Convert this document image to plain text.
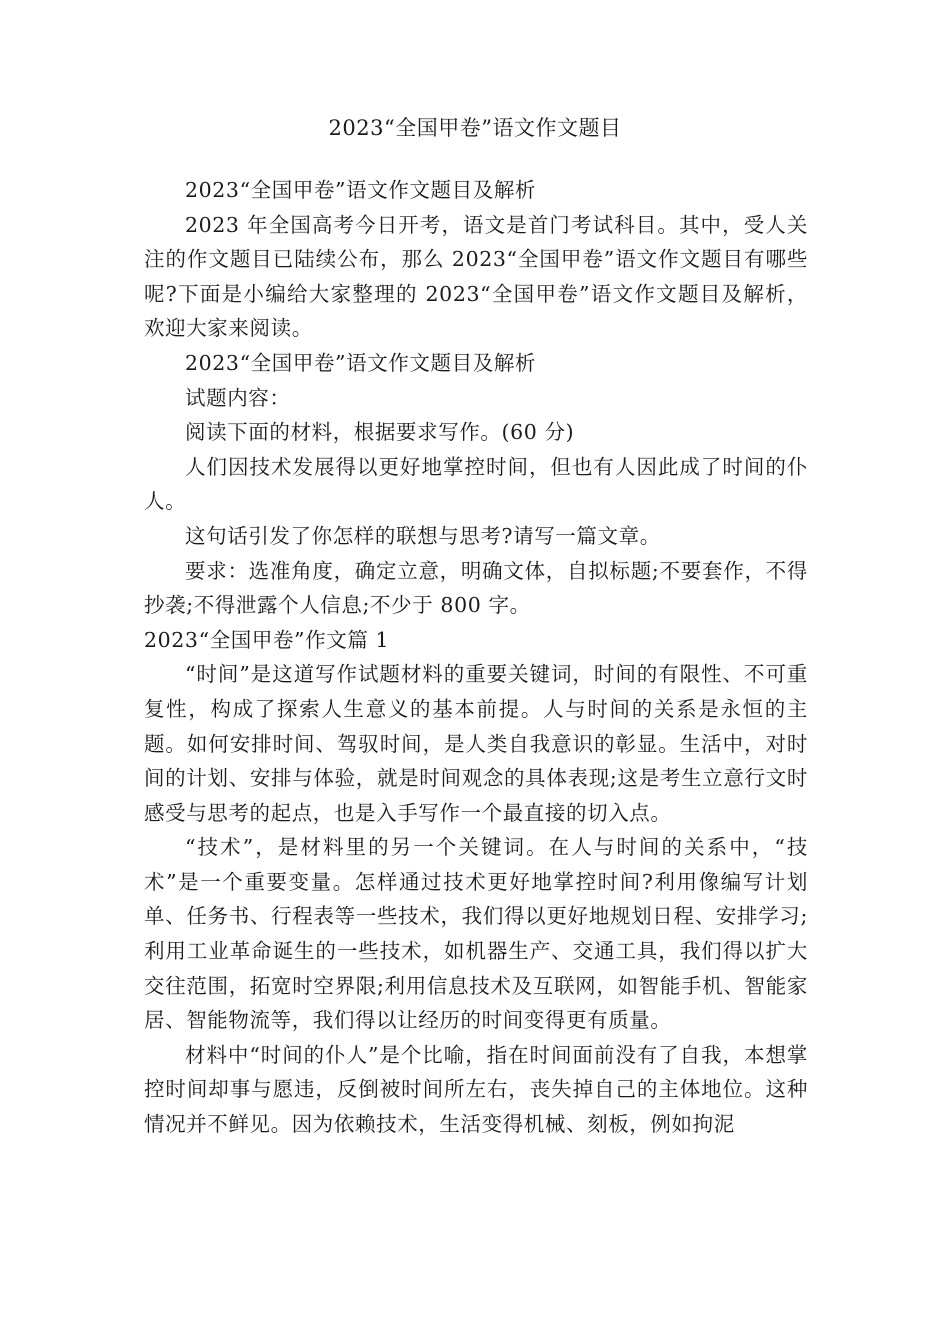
2023“全国甲卷”语文作文题目

2023“全国甲卷”语文作文题目及解析

2023 年全国高考今日开考，语文是首门考试科目。其中，受人关注的作文题目已陆续公布，那么 2023“全国甲卷”语文作文题目有哪些呢?下面是小编给大家整理的 2023“全国甲卷”语文作文题目及解析，欢迎大家来阅读。

2023“全国甲卷”语文作文题目及解析

试题内容：

阅读下面的材料，根据要求写作。(60 分)

人们因技术发展得以更好地掌控时间，但也有人因此成了时间的仆人。

这句话引发了你怎样的联想与思考?请写一篇文章。

要求：选准角度，确定立意，明确文体，自拟标题;不要套作，不得抄袭;不得泄露个人信息;不少于 800 字。

2023“全国甲卷”作文篇 1

“时间”是这道写作试题材料的重要关键词，时间的有限性、不可重复性，构成了探索人生意义的基本前提。人与时间的关系是永恒的主题。如何安排时间、驾驭时间，是人类自我意识的彰显。生活中，对时间的计划、安排与体验，就是时间观念的具体表现;这是考生立意行文时感受与思考的起点，也是入手写作一个最直接的切入点。

“技术”，是材料里的另一个关键词。在人与时间的关系中，“技术”是一个重要变量。怎样通过技术更好地掌控时间?利用像编写计划单、任务书、行程表等一些技术，我们得以更好地规划日程、安排学习;利用工业革命诞生的一些技术，如机器生产、交通工具，我们得以扩大交往范围，拓宽时空界限;利用信息技术及互联网，如智能手机、智能家居、智能物流等，我们得以让经历的时间变得更有质量。

材料中“时间的仆人”是个比喻，指在时间面前没有了自我，本想掌控时间却事与愿违，反倒被时间所左右，丧失掉自己的主体地位。这种情况并不鲜见。因为依赖技术，生活变得机械、刻板，例如拘泥
